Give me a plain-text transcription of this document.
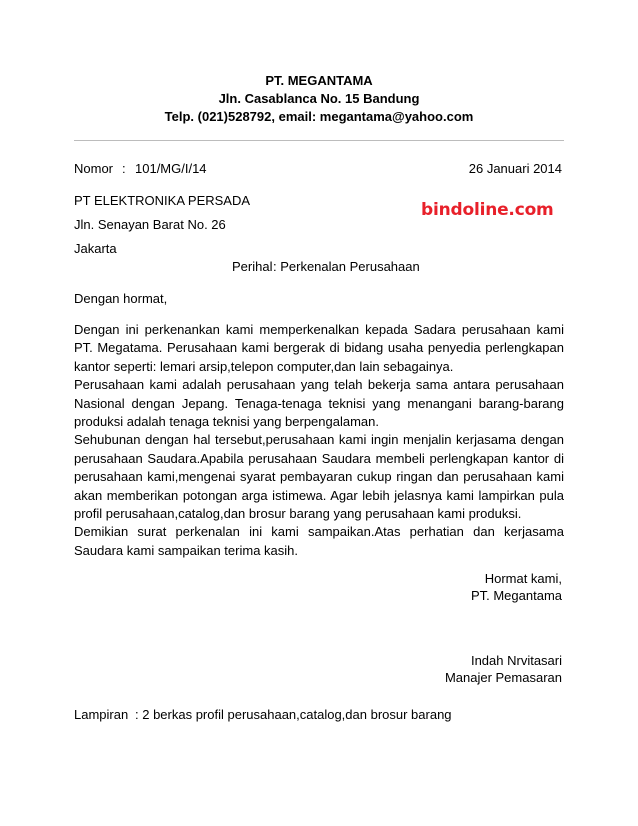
PT. MEGANTAMA
Jln. Casablanca No. 15 Bandung
Telp. (021)528792, email: megantama@yahoo.com
Nomor : 101/MG/I/14	26 Januari 2014
PT ELEKTRONIKA PERSADA
Jln. Senayan Barat No. 26
Jakarta
bindoline.com
Perihal : Perkenalan Perusahaan
Dengan hormat,

Dengan ini perkenankan kami memperkenalkan kepada Sadara perusahaan kami PT. Megatama. Perusahaan kami bergerak di bidang usaha penyedia perlengkapan kantor seperti: lemari arsip,telepon computer,dan lain sebagainya.

Perusahaan kami adalah perusahaan yang telah bekerja sama antara perusahaan Nasional dengan Jepang. Tenaga-tenaga teknisi yang menangani barang-barang produksi adalah tenaga teknisi yang berpengalaman.

Sehubunan dengan hal tersebut,perusahaan kami ingin menjalin kerjasama dengan perusahaan Saudara.Apabila perusahaan Saudara membeli perlengkapan kantor di perusahaan kami,mengenai syarat pembayaran cukup ringan dan perusahaan kami akan memberikan potongan arga istimewa. Agar lebih jelasnya kami lampirkan pula profil perusahaan,catalog,dan brosur barang yang perusahaan kami produksi.

Demikian surat perkenalan ini kami sampaikan.Atas perhatian dan kerjasama Saudara kami sampaikan terima kasih.

Hormat kami,
PT. Megantama
Indah Nrvitasari
Manajer Pemasaran
Lampiran : 2 berkas profil perusahaan,catalog,dan brosur barang
